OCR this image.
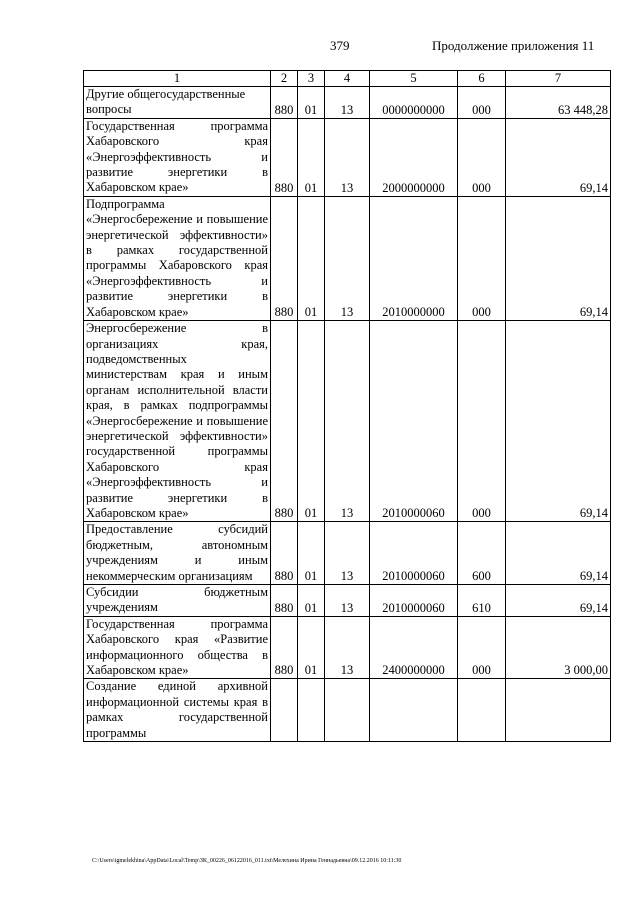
379	Продолжение приложения 11
1	2	3	4	5	6	7
Другие общегосударственные
вопросы	880	01	13	0000000000	000	63 448,28
Государственная программа Хабаровского края «Энергоэффективность и развитие энергетики в Хабаровском крае»	880	01	13	2000000000	000	69,14
Подпрограмма «Энергосбережение и повышение энергетической эффективности» в рамках государственной программы Хабаровского края «Энергоэффективность и развитие энергетики в Хабаровском крае»	880	01	13	2010000000	000	69,14
Энергосбережение в организациях края, подведомственных министерствам края и иным органам исполнительной власти края, в рамках подпрограммы «Энергосбережение и повышение энергетической эффективности» государственной программы Хабаровского края «Энергоэффективность и развитие энергетики в Хабаровском крае»	880	01	13	2010000060	000	69,14
Предоставление субсидий бюджетным, автономным учреждениям и иным некоммерческим организациям	880	01	13	2010000060	600	69,14
Субсидии бюджетным учреждениям	880	01	13	2010000060	610	69,14
Государственная программа Хабаровского края «Развитие информационного общества в Хабаровском крае»	880	01	13	2400000000	000	3 000,00
Создание единой архивной информационной системы края в рамках государственной программы						
C:\Users\igmelekhina\AppData\Local\Temp\ЗК_00226_06122016_011.txt\Мелехина Ирина Геннадьевна\09.12.2016 10:11:30
